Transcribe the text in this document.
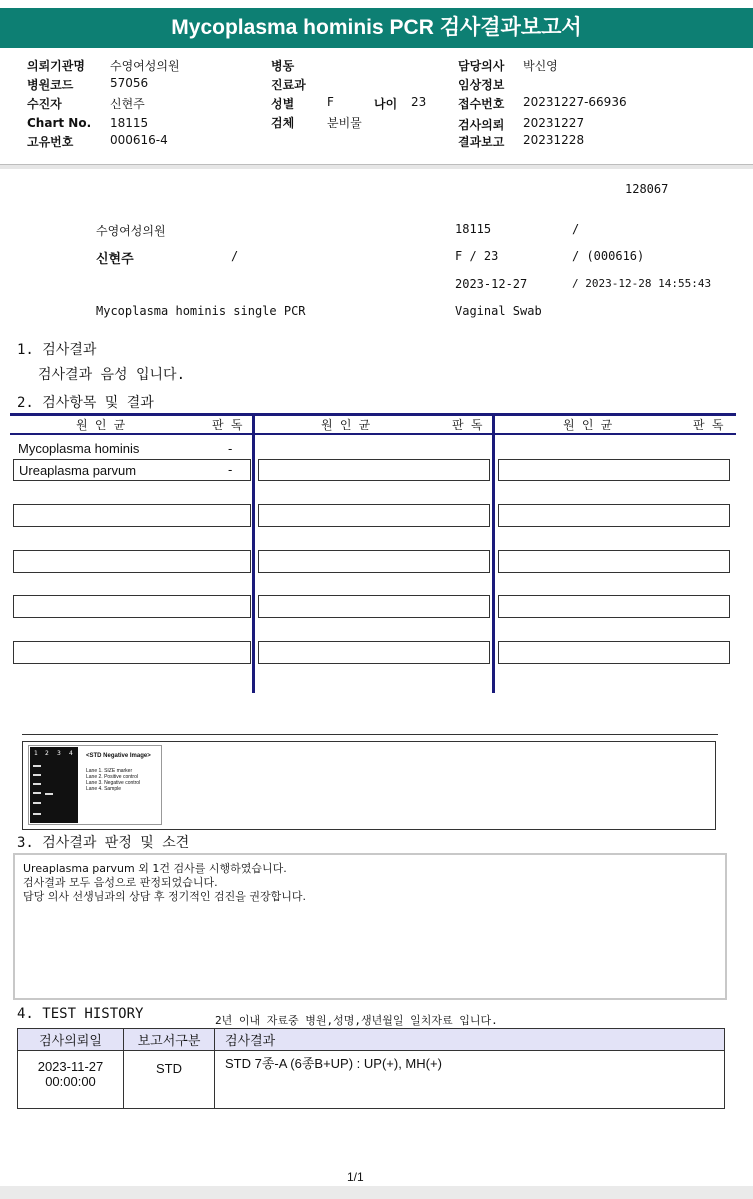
Mycoplasma hominis PCR 검사결과보고서
의뢰기관명 수영여성의원
병원코드	57056
수진자	신현주
Chart No. 18115
고유번호	000616-4
병동
진료과
성별	F	나이 23
검체	분비물
담당의사 박신영
임상정보
접수번호 20231227-66936
검사의뢰 20231227
결과보고 20231228
128067
수영여성의원	18115	/
신현주	/	F / 23	/ (000616)
2023-12-27	/ 2023-12-28 14:55:43
Mycoplasma hominis single PCR	Vaginal Swab
1. 검사결과
검사결과 음성 입니다.
2. 검사항목 및 결과
원 인 균	판 독	원 인 균	판 독	원 인 균	판 독
Mycoplasma hominis	-
Ureaplasma parvum	-
1 2 3 4 <STD Negative Image>
Lane 1. SIZE marker
Lane 2. Positive control
Lane 3. Negative control
Lane 4. Sample
3. 검사결과 판정 및 소견
Ureaplasma parvum 외 1건 검사를 시행하였습니다.
검사결과 모두 음성으로 판정되었습니다.
담당 의사 선생님과의 상담 후 정기적인 검진을 권장합니다.
4. TEST HISTORY	2년 이내 자료중 병원,성명,생년월일 일치자료 입니다.
검사의뢰일	보고서구분	검사결과

2023-11-27
00:00:00	STD	STD 7종-A (6종B+UP) : UP(+), MH(+)
1/1
